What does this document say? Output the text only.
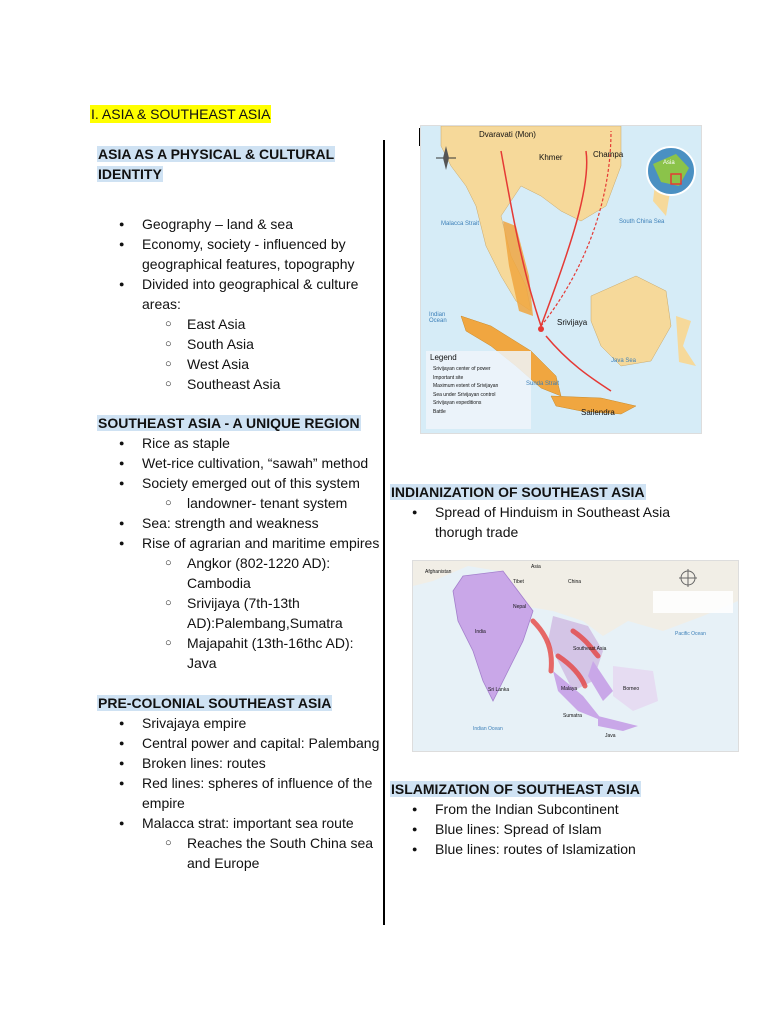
I. ASIA & SOUTHEAST ASIA
ASIA AS A PHYSICAL & CULTURAL
IDENTITY
● Geography – land & sea
● Economy, society - influenced by geographical features, topography
● Divided into geographical & culture areas:
○ East Asia
○ South Asia
○ West Asia
○ Southeast Asia
SOUTHEAST ASIA - A UNIQUE REGION
● Rice as staple
● Wet-rice cultivation, “sawah” method
● Society emerged out of this system
○ landowner- tenant system
● Sea: strength and weakness
● Rise of agrarian and maritime empires
○ Angkor (802-1220 AD): Cambodia
○ Srivijaya (7th-13th AD):Palembang,Sumatra
○ Majapahit (13th-16thc AD): Java
PRE-COLONIAL SOUTHEAST ASIA
● Srivajaya empire
● Central power and capital: Palembang
● Broken lines: routes
● Red lines: spheres of influence of the empire
● Malacca strat: important sea route
○ Reaches the South China sea and Europe
Dvaravati (Mon)
Khmer	Champa
Srivijaya
Sailendra
Malacca Strait
Indian Ocean
South China Sea
Java Sea
Sunda Strait
Asia
Legend
Srivijayan center of power
Important site
Maximum extent of Srivijayan
Sea under Srivijayan control
Srivijayan expeditions
Battle
INDIANIZATION OF SOUTHEAST ASIA
● Spread of Hinduism in Southeast Asia thorugh trade
Afghanistan
Asia
China
Tibet
Nepal
India
Sri Lanka
Southeast Asia
Borneo
Java
Sumatra
Malaya
Indian Ocean
Pacific Ocean
ISLAMIZATION OF SOUTHEAST ASIA
● From the Indian Subcontinent
● Blue lines: Spread of Islam
● Blue lines: routes of Islamization
